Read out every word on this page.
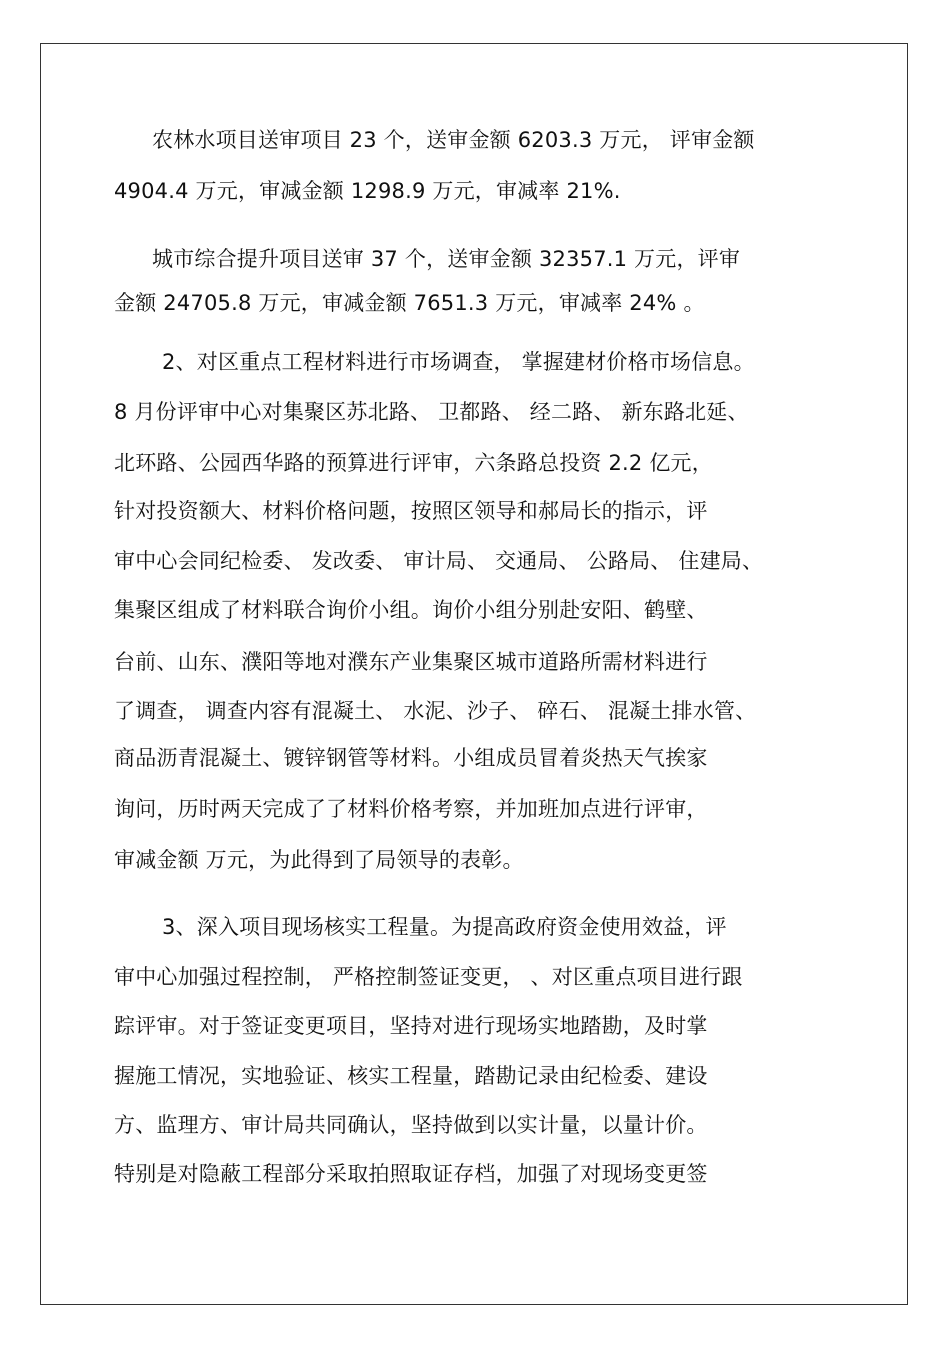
农林水项目送审项目 23 个，送审金额 6203.3 万元， 评审金额
4904.4 万元，审减金额 1298.9 万元，审减率 21%.
城市综合提升项目送审 37 个，送审金额 32357.1 万元，评审
金额 24705.8 万元，审减金额 7651.3 万元，审减率 24% 。
2、对区重点工程材料进行市场调查， 掌握建材价格市场信息。
8 月份评审中心对集聚区苏北路、 卫都路、 经二路、 新东路北延、
北环路、公园西华路的预算进行评审，六条路总投资 2.2 亿元，
针对投资额大、材料价格问题，按照区领导和郝局长的指示，评
审中心会同纪检委、 发改委、 审计局、 交通局、 公路局、 住建局、
集聚区组成了材料联合询价小组。询价小组分别赴安阳、鹤壁、
台前、山东、濮阳等地对濮东产业集聚区城市道路所需材料进行
了调查， 调查内容有混凝土、 水泥、沙子、 碎石、 混凝土排水管、
商品沥青混凝土、镀锌钢管等材料。小组成员冒着炎热天气挨家
询问，历时两天完成了了材料价格考察，并加班加点进行评审，
审减金额 万元，为此得到了局领导的表彰。
3、深入项目现场核实工程量。为提高政府资金使用效益，评
审中心加强过程控制， 严格控制签证变更， 、对区重点项目进行跟
踪评审。对于签证变更项目，坚持对进行现场实地踏勘，及时掌
握施工情况，实地验证、核实工程量，踏勘记录由纪检委、建设
方、监理方、审计局共同确认，坚持做到以实计量，以量计价。
特别是对隐蔽工程部分采取拍照取证存档，加强了对现场变更签
